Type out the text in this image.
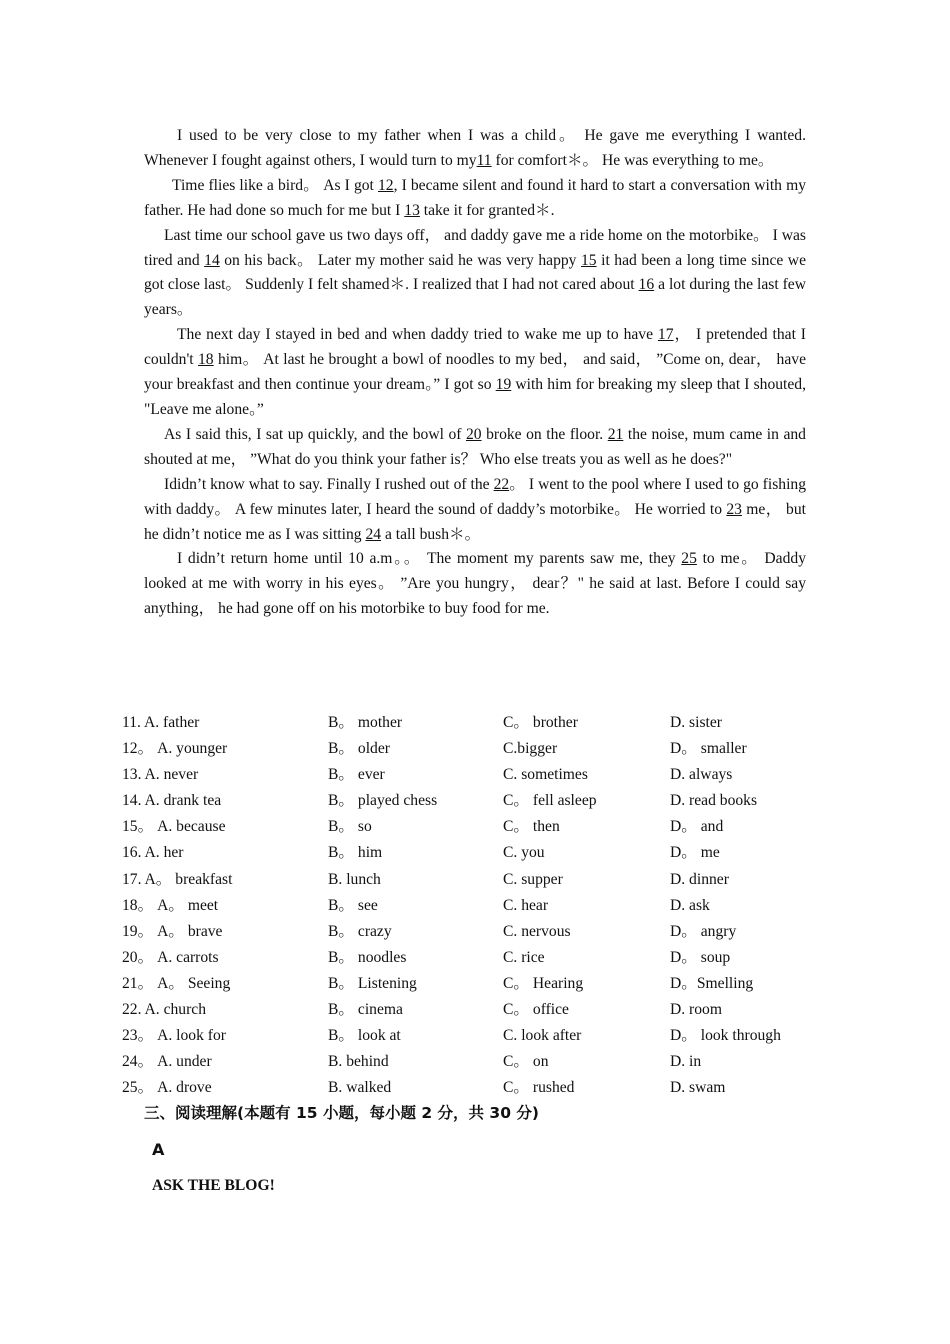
I used to be very close to my father when I was a child。 He gave me everything I wanted. Whenever I fought against others, I would turn to my11 for comfort＊。 He was everything to me。

Time flies like a bird。 As I got 12, I became silent and found it hard to start a conversation with my father. He had done so much for me but I 13 take it for granted＊.

Last time our school gave us two days off， and daddy gave me a ride home on the motorbike。 I was tired and 14 on his back。 Later my mother said he was very happy 15 it had been a long time since we got close last。 Suddenly I felt shamed＊. I realized that I had not cared about 16 a lot during the last few years。

The next day I stayed in bed and when daddy tried to wake me up to have 17， I pretended that I couldn't 18 him。 At last he brought a bowl of noodles to my bed， and said， ”Come on, dear， have your breakfast and then continue your dream。” I got so 19 with him for breaking my sleep that I shouted, "Leave me alone。”

As I said this, I sat up quickly, and the bowl of 20 broke on the floor. 21 the noise, mum came in and shouted at me， ”What do you think your father is？ Who else treats you as well as he does?"

Ididn’t know what to say. Finally I rushed out of the 22。 I went to the pool where I used to go fishing with daddy。 A few minutes later, I heard the sound of daddy’s motorbike。 He worried to 23 me， but he didn’t notice me as I was sitting 24 a tall bush＊。

I didn’t return home until 10 a.m。。 The moment my parents saw me, they 25 to me。 Daddy looked at me with worry in his eyes。 ”Are you hungry， dear？" he said at last. Before I could say anything， he had gone off on his motorbike to buy food for me.

11. A. father	B。 mother	C。 brother	D. sister
12。 A. younger	B。 older	C.bigger	D。 smaller
13. A. never	B。 ever	C. sometimes	D. always
14. A. drank tea	B。 played chess	C。 fell asleep	D. read books
15。 A. because	B。 so	C。 then	D。 and
16. A. her	B。 him	C. you	D。 me
17. A。 breakfast	B. lunch	C. supper	D. dinner
18。 A。 meet	B。 see	C. hear	D. ask
19。 A。 brave	B。 crazy	C. nervous	D。 angry
20。 A. carrots	B。 noodles	C. rice	D。 soup
21。 A。 Seeing	B。 Listening	C。 Hearing	D。Smelling
22. A. church	B。 cinema	C。 office	D. room
23。 A. look for	B。 look at	C. look after	D。 look through
24。 A. under	B. behind	C。 on	D. in
25。 A. drove	B. walked	C。 rushed	D. swam
三、阅读理解(本题有 15 小题，每小题 2 分，共 30 分)
A
ASK THE BLOG!
